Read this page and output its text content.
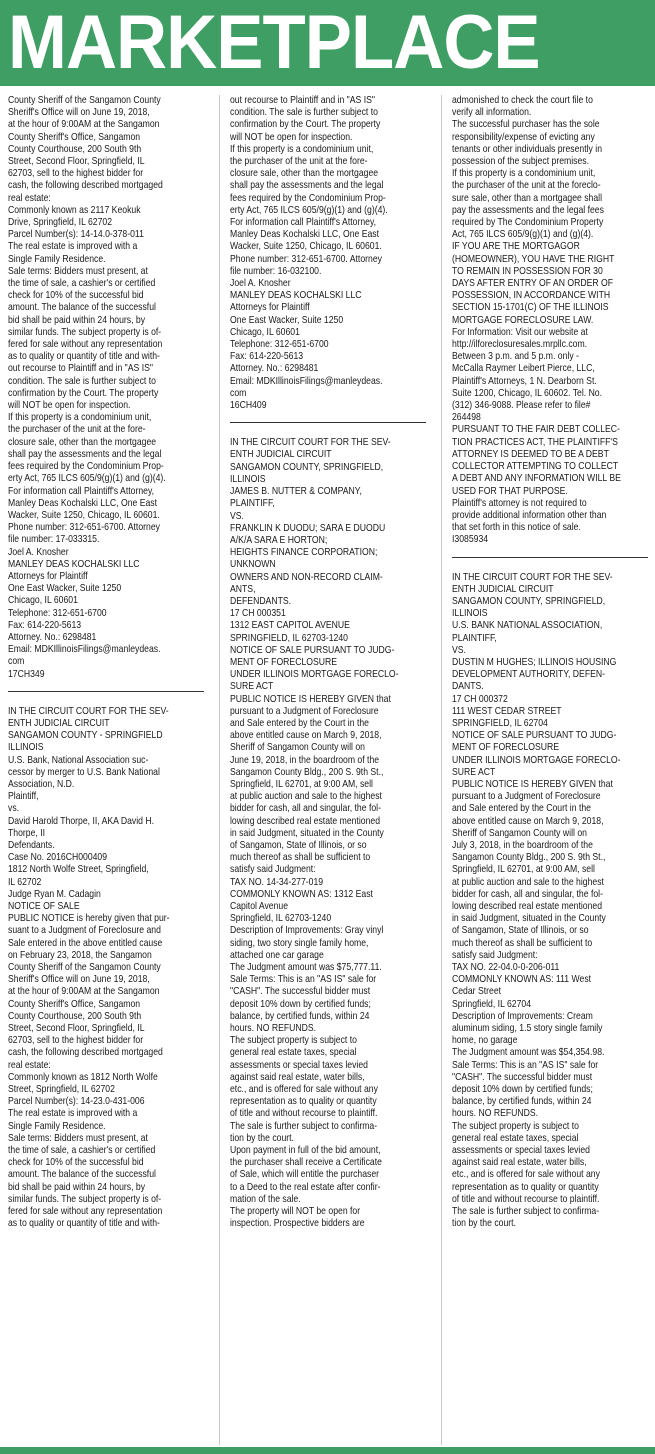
MARKETPLACE
County Sheriff of the Sangamon County
Sheriff's Office will on June 19, 2018,
at the hour of 9:00AM at the Sangamon
County Sheriff's Office, Sangamon
County Courthouse, 200 South 9th
Street, Second Floor, Springfield, IL
62703, sell to the highest bidder for
cash, the following described mortgaged
real estate:
Commonly known as 2117 Keokuk
Drive, Springfield, IL 62702
Parcel Number(s): 14-14.0-378-011
The real estate is improved with a
Single Family Residence.
Sale terms: Bidders must present, at
the time of sale, a cashier's or certified
check for 10% of the successful bid
amount. The balance of the successful
bid shall be paid within 24 hours, by
similar funds. The subject property is of-
fered for sale without any representation
as to quality or quantity of title and with-
out recourse to Plaintiff and in "AS IS"
condition. The sale is further subject to
confirmation by the Court. The property
will NOT be open for inspection.
If this property is a condominium unit,
the purchaser of the unit at the fore-
closure sale, other than the mortgagee
shall pay the assessments and the legal
fees required by the Condominium Prop-
erty Act, 765 ILCS 605/9(g)(1) and (g)(4).
For information call Plaintiff's Attorney,
Manley Deas Kochalski LLC, One East
Wacker, Suite 1250, Chicago, IL 60601.
Phone number: 312-651-6700. Attorney
file number: 17-033315.
Joel A. Knosher
MANLEY DEAS KOCHALSKI LLC
Attorneys for Plaintiff
One East Wacker, Suite 1250
Chicago, IL 60601
Telephone: 312-651-6700
Fax: 614-220-5613
Attorney. No.: 6298481
Email: MDKIllinoisFilings@manleydeas.
com
17CH349
IN THE CIRCUIT COURT FOR THE SEV-
ENTH JUDICIAL CIRCUIT
SANGAMON COUNTY - SPRINGFIELD
ILLINOIS
U.S. Bank, National Association suc-
cessor by merger to U.S. Bank National
Association, N.D.
Plaintiff,
vs.
David Harold Thorpe, II, AKA David H.
Thorpe, II
Defendants.
Case No. 2016CH000409
1812 North Wolfe Street, Springfield,
IL 62702
Judge Ryan M. Cadagin
NOTICE OF SALE
PUBLIC NOTICE is hereby given that pur-
suant to a Judgment of Foreclosure and
Sale entered in the above entitled cause
on February 23, 2018, the Sangamon
County Sheriff of the Sangamon County
Sheriff's Office will on June 19, 2018,
at the hour of 9:00AM at the Sangamon
County Sheriff's Office, Sangamon
County Courthouse, 200 South 9th
Street, Second Floor, Springfield, IL
62703, sell to the highest bidder for
cash, the following described mortgaged
real estate:
Commonly known as 1812 North Wolfe
Street, Springfield, IL 62702
Parcel Number(s): 14-23.0-431-006
The real estate is improved with a
Single Family Residence.
Sale terms: Bidders must present, at
the time of sale, a cashier's or certified
check for 10% of the successful bid
amount. The balance of the successful
bid shall be paid within 24 hours, by
similar funds. The subject property is of-
fered for sale without any representation
as to quality or quantity of title and with-
out recourse to Plaintiff and in "AS IS"
condition. The sale is further subject to
confirmation by the Court. The property
will NOT be open for inspection.
If this property is a condominium unit,
the purchaser of the unit at the fore-
closure sale, other than the mortgagee
shall pay the assessments and the legal
fees required by the Condominium Prop-
erty Act, 765 ILCS 605/9(g)(1) and (g)(4).
For information call Plaintiff's Attorney,
Manley Deas Kochalski LLC, One East
Wacker, Suite 1250, Chicago, IL 60601.
Phone number: 312-651-6700. Attorney
file number: 16-032100.
Joel A. Knosher
MANLEY DEAS KOCHALSKI LLC
Attorneys for Plaintiff
One East Wacker, Suite 1250
Chicago, IL 60601
Telephone: 312-651-6700
Fax: 614-220-5613
Attorney. No.: 6298481
Email: MDKIllinoisFilings@manleydeas.
com
16CH409
IN THE CIRCUIT COURT FOR THE SEV-
ENTH JUDICIAL CIRCUIT
SANGAMON COUNTY, SPRINGFIELD,
ILLINOIS
JAMES B. NUTTER & COMPANY,
PLAINTIFF,
VS.
FRANKLIN K DUODU; SARA E DUODU
A/K/A SARA E HORTON;
HEIGHTS FINANCE CORPORATION;
UNKNOWN
OWNERS AND NON-RECORD CLAIM-
ANTS,
DEFENDANTS.
17 CH 000351
1312 EAST CAPITOL AVENUE
SPRINGFIELD, IL 62703-1240
NOTICE OF SALE PURSUANT TO JUDG-
MENT OF FORECLOSURE
UNDER ILLINOIS MORTGAGE FORECLO-
SURE ACT
PUBLIC NOTICE IS HEREBY GIVEN that
pursuant to a Judgment of Foreclosure
and Sale entered by the Court in the
above entitled cause on March 9, 2018,
Sheriff of Sangamon County will on
June 19, 2018, in the boardroom of the
Sangamon County Bldg., 200 S. 9th St.,
Springfield, IL 62701, at 9:00 AM, sell
at public auction and sale to the highest
bidder for cash, all and singular, the fol-
lowing described real estate mentioned
in said Judgment, situated in the County
of Sangamon, State of Illinois, or so
much thereof as shall be sufficient to
satisfy said Judgment:
TAX NO. 14-34-277-019
COMMONLY KNOWN AS: 1312 East
Capitol Avenue
Springfield, IL 62703-1240
Description of Improvements: Gray vinyl
siding, two story single family home,
attached one car garage
The Judgment amount was $75,777.11.
Sale Terms: This is an "AS IS" sale for
"CASH". The successful bidder must
deposit 10% down by certified funds;
balance, by certified funds, within 24
hours. NO REFUNDS.
The subject property is subject to
general real estate taxes, special
assessments or special taxes levied
against said real estate, water bills,
etc., and is offered for sale without any
representation as to quality or quantity
of title and without recourse to plaintiff.
The sale is further subject to confirma-
tion by the court.
Upon payment in full of the bid amount,
the purchaser shall receive a Certificate
of Sale, which will entitle the purchaser
to a Deed to the real estate after confir-
mation of the sale.
The property will NOT be open for
inspection. Prospective bidders are
admonished to check the court file to
verify all information.
The successful purchaser has the sole
responsibility/expense of evicting any
tenants or other individuals presently in
possession of the subject premises.
If this property is a condominium unit,
the purchaser of the unit at the foreclo-
sure sale, other than a mortgagee shall
pay the assessments and the legal fees
required by The Condominium Property
Act, 765 ILCS 605/9(g)(1) and (g)(4).
IF YOU ARE THE MORTGAGOR
(HOMEOWNER), YOU HAVE THE RIGHT
TO REMAIN IN POSSESSION FOR 30
DAYS AFTER ENTRY OF AN ORDER OF
POSSESSION, IN ACCORDANCE WITH
SECTION 15-1701(C) OF THE ILLINOIS
MORTGAGE FORECLOSURE LAW.
For Information: Visit our website at
http://ilforeclosuresales.mrpllc.com.
Between 3 p.m. and 5 p.m. only -
McCalla Raymer Leibert Pierce, LLC,
Plaintiff's Attorneys, 1 N. Dearborn St.
Suite 1200, Chicago, IL 60602. Tel. No.
(312) 346-9088. Please refer to file#
264498
PURSUANT TO THE FAIR DEBT COLLEC-
TION PRACTICES ACT, THE PLAINTIFF'S
ATTORNEY IS DEEMED TO BE A DEBT
COLLECTOR ATTEMPTING TO COLLECT
A DEBT AND ANY INFORMATION WILL BE
USED FOR THAT PURPOSE.
Plaintiff's attorney is not required to
provide additional information other than
that set forth in this notice of sale.
I3085934
IN THE CIRCUIT COURT FOR THE SEV-
ENTH JUDICIAL CIRCUIT
SANGAMON COUNTY, SPRINGFIELD,
ILLINOIS
U.S. BANK NATIONAL ASSOCIATION,
PLAINTIFF,
VS.
DUSTIN M HUGHES; ILLINOIS HOUSING
DEVELOPMENT AUTHORITY, DEFEN-
DANTS.
17 CH 000372
111 WEST CEDAR STREET
SPRINGFIELD, IL 62704
NOTICE OF SALE PURSUANT TO JUDG-
MENT OF FORECLOSURE
UNDER ILLINOIS MORTGAGE FORECLO-
SURE ACT
PUBLIC NOTICE IS HEREBY GIVEN that
pursuant to a Judgment of Foreclosure
and Sale entered by the Court in the
above entitled cause on March 9, 2018,
Sheriff of Sangamon County will on
July 3, 2018, in the boardroom of the
Sangamon County Bldg., 200 S. 9th St.,
Springfield, IL 62701, at 9:00 AM, sell
at public auction and sale to the highest
bidder for cash, all and singular, the fol-
lowing described real estate mentioned
in said Judgment, situated in the County
of Sangamon, State of Illinois, or so
much thereof as shall be sufficient to
satisfy said Judgment:
TAX NO. 22-04.0-0-206-011
COMMONLY KNOWN AS: 111 West
Cedar Street
Springfield, IL 62704
Description of Improvements: Cream
aluminum siding, 1.5 story single family
home, no garage
The Judgment amount was $54,354.98.
Sale Terms: This is an "AS IS" sale for
"CASH". The successful bidder must
deposit 10% down by certified funds;
balance, by certified funds, within 24
hours. NO REFUNDS.
The subject property is subject to
general real estate taxes, special
assessments or special taxes levied
against said real estate, water bills,
etc., and is offered for sale without any
representation as to quality or quantity
of title and without recourse to plaintiff.
The sale is further subject to confirma-
tion by the court.
